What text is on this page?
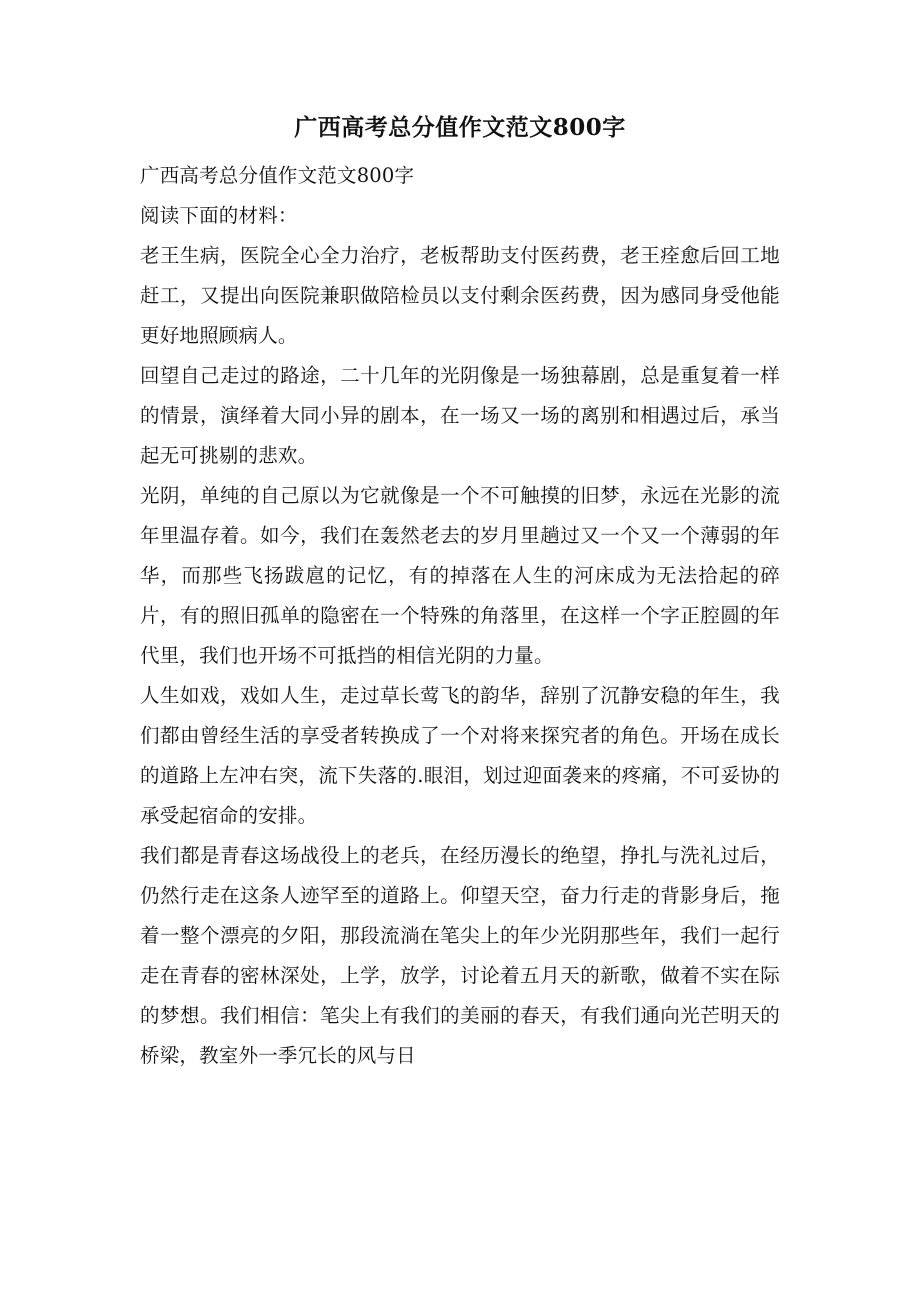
广西高考总分值作文范文800字

广西高考总分值作文范文800字

阅读下面的材料：

老王生病，医院全心全力治疗，老板帮助支付医药费，老王痊愈后回工地赶工，又提出向医院兼职做陪检员以支付剩余医药费，因为感同身受他能更好地照顾病人。

回望自己走过的路途，二十几年的光阴像是一场独幕剧，总是重复着一样的情景，演绎着大同小异的剧本，在一场又一场的离别和相遇过后，承当起无可挑剔的悲欢。

光阴，单纯的自己原以为它就像是一个不可触摸的旧梦，永远在光影的流年里温存着。如今，我们在轰然老去的岁月里趟过又一个又一个薄弱的年华，而那些飞扬跋扈的记忆，有的掉落在人生的河床成为无法拾起的碎片，有的照旧孤单的隐密在一个特殊的角落里，在这样一个字正腔圆的年代里，我们也开场不可抵挡的相信光阴的力量。

人生如戏，戏如人生，走过草长莺飞的韵华，辞别了沉静安稳的年生，我们都由曾经生活的享受者转换成了一个对将来探究者的角色。开场在成长的道路上左冲右突，流下失落的.眼泪，划过迎面袭来的疼痛，不可妥协的承受起宿命的安排。

我们都是青春这场战役上的老兵，在经历漫长的绝望，挣扎与洗礼过后，仍然行走在这条人迹罕至的道路上。仰望天空，奋力行走的背影身后，拖着一整个漂亮的夕阳，那段流淌在笔尖上的年少光阴那些年，我们一起行走在青春的密林深处，上学，放学，讨论着五月天的新歌，做着不实在际的梦想。我们相信：笔尖上有我们的美丽的春天，有我们通向光芒明天的桥梁，教室外一季冗长的风与日
